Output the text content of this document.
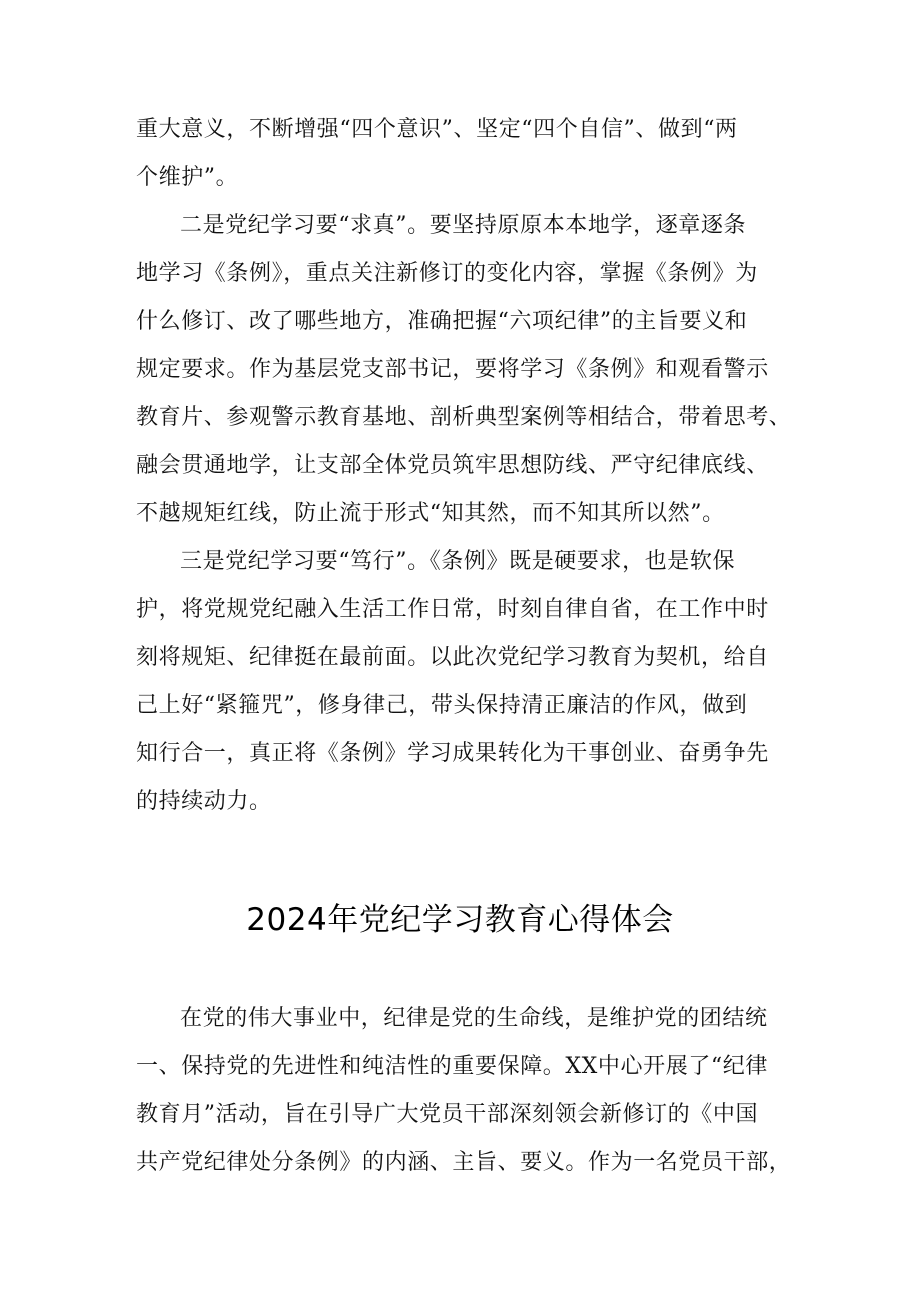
重大意义，不断增强“四个意识”、坚定“四个自信”、做到“两
个维护”。
二是党纪学习要“求真”。要坚持原原本本地学，逐章逐条
地学习《条例》，重点关注新修订的变化内容，掌握《条例》为
什么修订、改了哪些地方，准确把握“六项纪律”的主旨要义和
规定要求。作为基层党支部书记，要将学习《条例》和观看警示
教育片、参观警示教育基地、剖析典型案例等相结合，带着思考、
融会贯通地学，让支部全体党员筑牢思想防线、严守纪律底线、
不越规矩红线，防止流于形式“知其然，而不知其所以然”。
三是党纪学习要“笃行”。《条例》既是硬要求，也是软保
护，将党规党纪融入生活工作日常，时刻自律自省，在工作中时
刻将规矩、纪律挺在最前面。以此次党纪学习教育为契机，给自
己上好“紧箍咒”，修身律己，带头保持清正廉洁的作风，做到
知行合一，真正将《条例》学习成果转化为干事创业、奋勇争先
的持续动力。
2024年党纪学习教育心得体会
在党的伟大事业中，纪律是党的生命线，是维护党的团结统
一、保持党的先进性和纯洁性的重要保障。XX中心开展了“纪律
教育月”活动，旨在引导广大党员干部深刻领会新修订的《中国
共产党纪律处分条例》的内涵、主旨、要义。作为一名党员干部，
